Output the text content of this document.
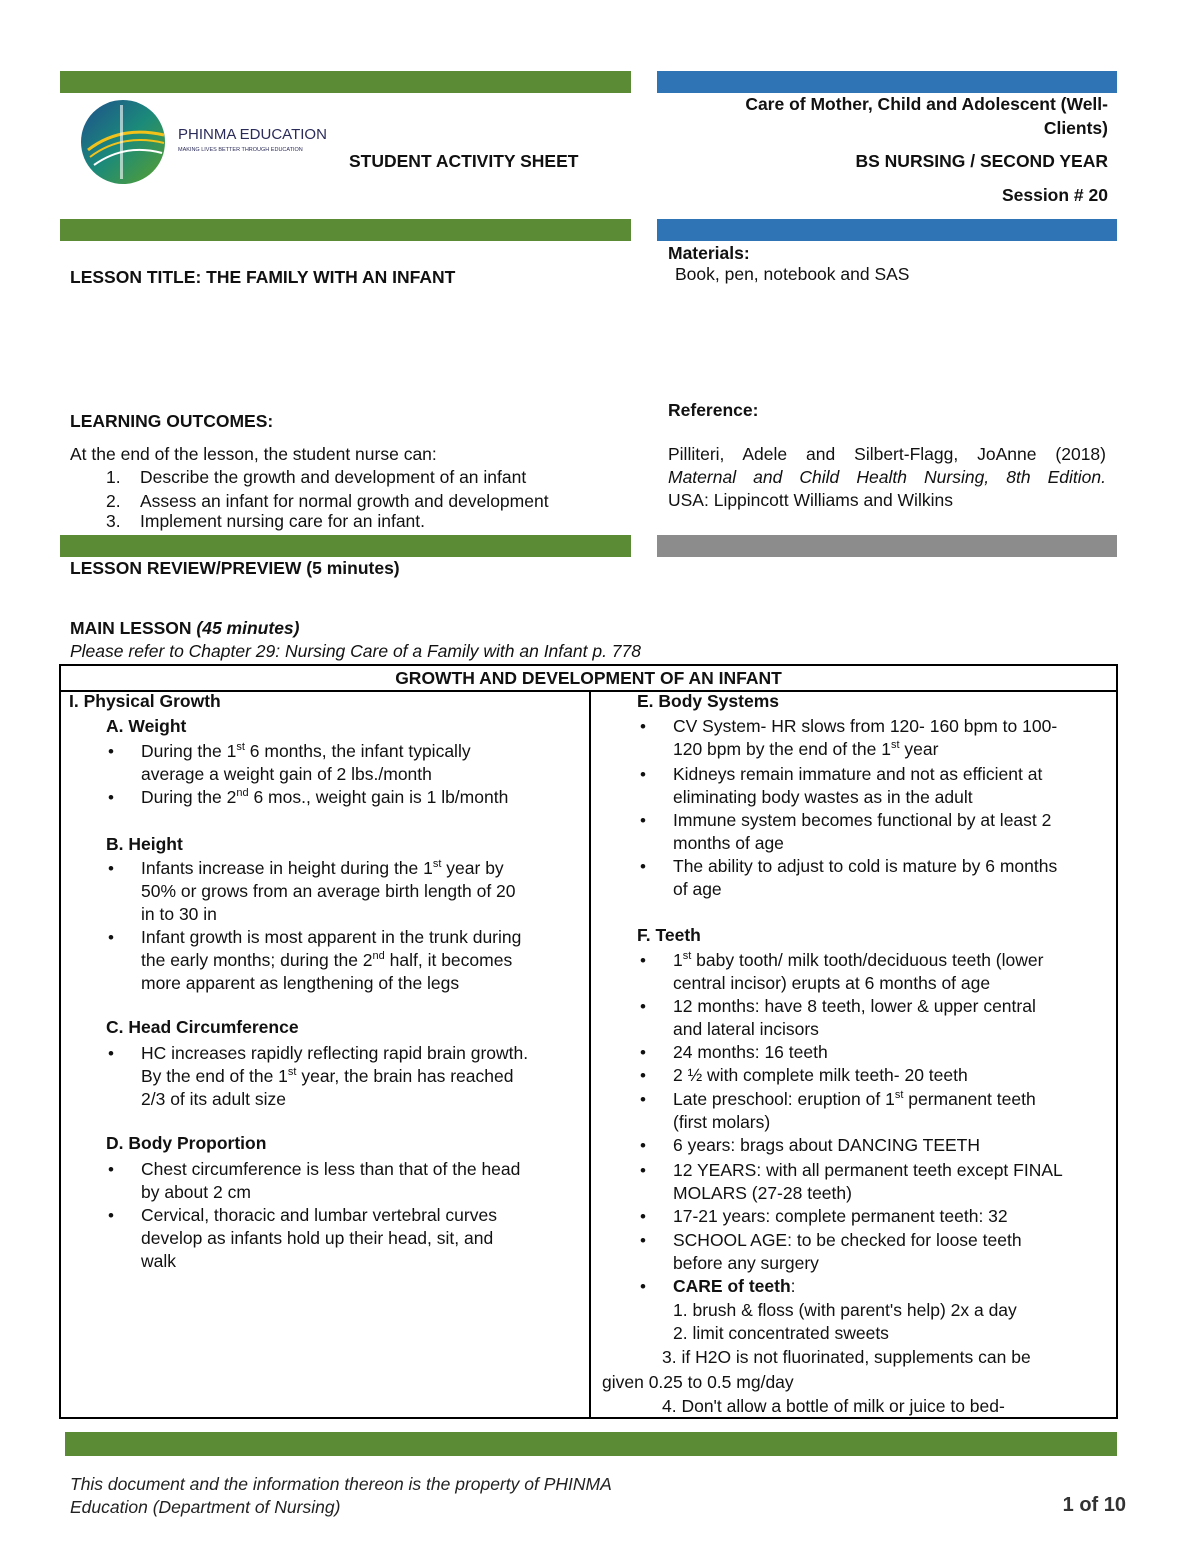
PHINMA EDUCATION
MAKING LIVES BETTER THROUGH EDUCATION
STUDENT ACTIVITY SHEET
Care of Mother, Child and Adolescent (Well-
Clients)
BS NURSING / SECOND YEAR
Session # 20
LESSON TITLE: THE FAMILY WITH AN INFANT
Materials:
Book, pen, notebook and SAS
LEARNING OUTCOMES:
At the end of the lesson, the student nurse can:
1. Describe the growth and development of an infant
2. Assess an infant for normal growth and development
3. Implement nursing care for an infant.
Reference:
Pilliteri, Adele and Silbert-Flagg, JoAnne (2018)
Maternal and Child Health Nursing, 8th Edition.
USA: Lippincott Williams and Wilkins
LESSON REVIEW/PREVIEW (5 minutes)
MAIN LESSON (45 minutes)
Please refer to Chapter 29: Nursing Care of a Family with an Infant p. 778
GROWTH AND DEVELOPMENT OF AN INFANT
I. Physical Growth
A. Weight
• During the 1st 6 months, the infant typically
average a weight gain of 2 lbs./month
• During the 2nd 6 mos., weight gain is 1 lb/month
B. Height
• Infants increase in height during the 1st year by
50% or grows from an average birth length of 20
in to 30 in
• Infant growth is most apparent in the trunk during
the early months; during the 2nd half, it becomes
more apparent as lengthening of the legs
C. Head Circumference
• HC increases rapidly reflecting rapid brain growth.
By the end of the 1st year, the brain has reached
2/3 of its adult size
D. Body Proportion
• Chest circumference is less than that of the head
by about 2 cm
• Cervical, thoracic and lumbar vertebral curves
develop as infants hold up their head, sit, and
walk
E. Body Systems
• CV System- HR slows from 120- 160 bpm to 100-
120 bpm by the end of the 1st year
• Kidneys remain immature and not as efficient at
eliminating body wastes as in the adult
• Immune system becomes functional by at least 2
months of age
• The ability to adjust to cold is mature by 6 months
of age
F. Teeth
• 1st baby tooth/ milk tooth/deciduous teeth (lower
central incisor) erupts at 6 months of age
• 12 months: have 8 teeth, lower & upper central
and lateral incisors
• 24 months: 16 teeth
• 2 ½ with complete milk teeth- 20 teeth
• Late preschool: eruption of 1st permanent teeth
(first molars)
• 6 years: brags about DANCING TEETH
• 12 YEARS: with all permanent teeth except FINAL
MOLARS (27-28 teeth)
• 17-21 years: complete permanent teeth: 32
• SCHOOL AGE: to be checked for loose teeth
before any surgery
• CARE of teeth:
1. brush & floss (with parent's help) 2x a day
2. limit concentrated sweets
3. if H2O is not fluorinated, supplements can be
given 0.25 to 0.5 mg/day
4. Don't allow a bottle of milk or juice to bed-
This document and the information thereon is the property of PHINMA
Education (Department of Nursing)	1 of 10
